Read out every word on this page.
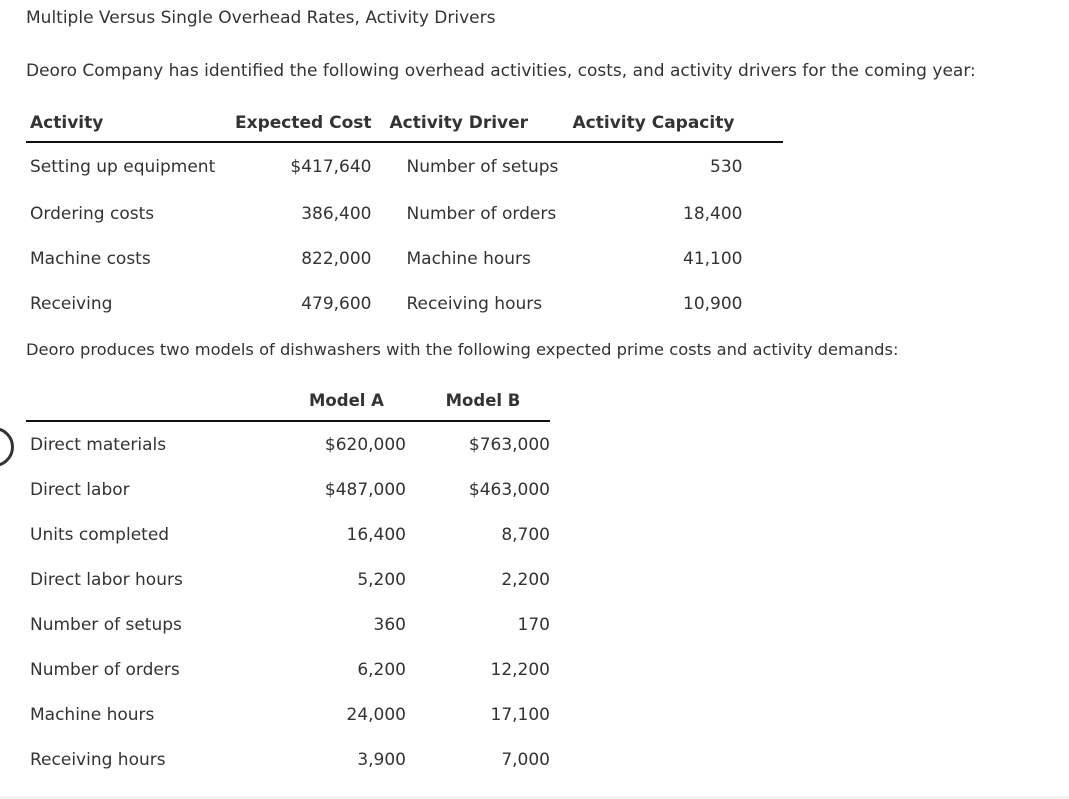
Multiple Versus Single Overhead Rates, Activity Drivers
Deoro Company has identified the following overhead activities, costs, and activity drivers for the coming year:
Activity	Expected Cost	Activity Driver	Activity Capacity
Setting up equipment	$417,640	Number of setups	530
Ordering costs	386,400	Number of orders	18,400
Machine costs	822,000	Machine hours	41,100
Receiving	479,600	Receiving hours	10,900
Deoro produces two models of dishwashers with the following expected prime costs and activity demands:
	Model A	Model B
Direct materials	$620,000	$763,000
Direct labor	$487,000	$463,000
Units completed	16,400	8,700
Direct labor hours	5,200	2,200
Number of setups	360	170
Number of orders	6,200	12,200
Machine hours	24,000	17,100
Receiving hours	3,900	7,000
